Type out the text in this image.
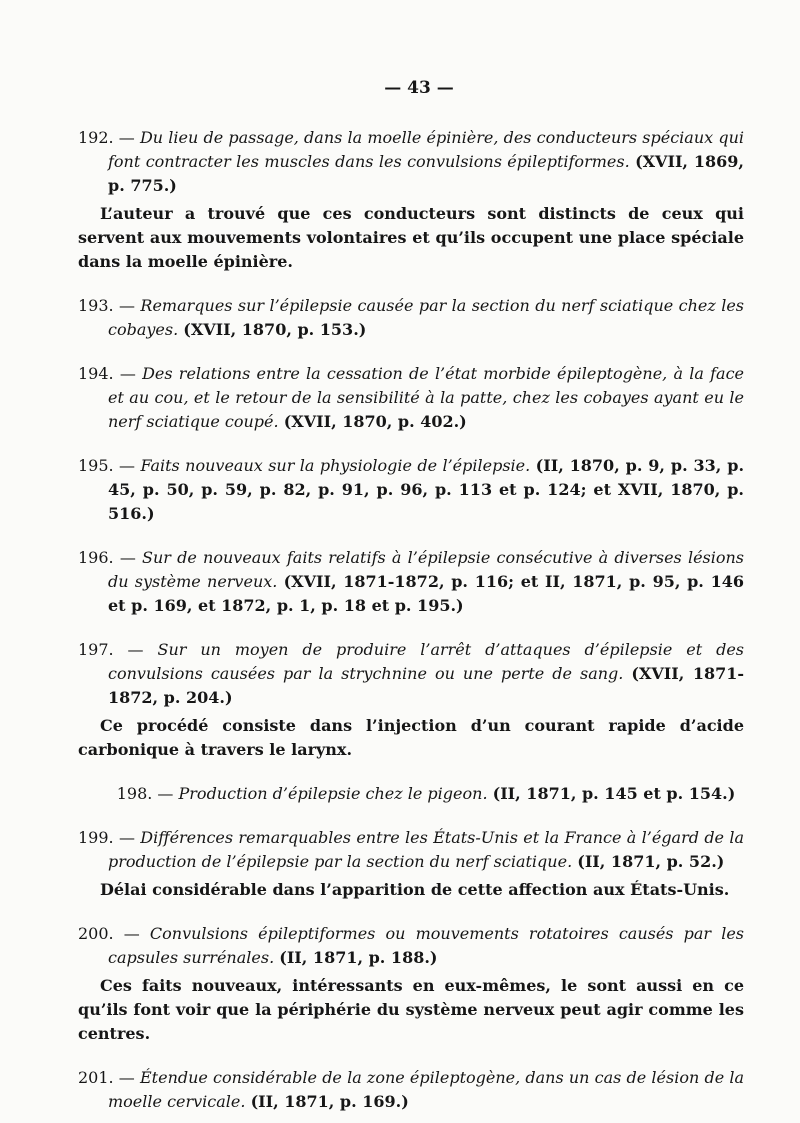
— 43 —

192. — Du lieu de passage, dans la moelle épinière, des conducteurs spéciaux qui font contracter les muscles dans les convulsions épileptiformes. (XVII, 1869, p. 775.)

L’auteur a trouvé que ces conducteurs sont distincts de ceux qui servent aux mouvements volontaires et qu’ils occupent une place spéciale dans la moelle épinière.

193. — Remarques sur l’épilepsie causée par la section du nerf sciatique chez les cobayes. (XVII, 1870, p. 153.)

194. — Des relations entre la cessation de l’état morbide épileptogène, à la face et au cou, et le retour de la sensibilité à la patte, chez les cobayes ayant eu le nerf sciatique coupé. (XVII, 1870, p. 402.)

195. — Faits nouveaux sur la physiologie de l’épilepsie. (II, 1870, p. 9, p. 33, p. 45, p. 50, p. 59, p. 82, p. 91, p. 96, p. 113 et p. 124; et XVII, 1870, p. 516.)

196. — Sur de nouveaux faits relatifs à l’épilepsie consécutive à diverses lésions du système nerveux. (XVII, 1871-1872, p. 116; et II, 1871, p. 95, p. 146 et p. 169, et 1872, p. 1, p. 18 et p. 195.)

197. — Sur un moyen de produire l’arrêt d’attaques d’épilepsie et des convulsions causées par la strychnine ou une perte de sang. (XVII, 1871-1872, p. 204.)

Ce procédé consiste dans l’injection d’un courant rapide d’acide carbonique à travers le larynx.

198. — Production d’épilepsie chez le pigeon. (II, 1871, p. 145 et p. 154.)

199. — Différences remarquables entre les États-Unis et la France à l’égard de la production de l’épilepsie par la section du nerf sciatique. (II, 1871, p. 52.)

Délai considérable dans l’apparition de cette affection aux États-Unis.

200. — Convulsions épileptiformes ou mouvements rotatoires causés par les capsules surrénales. (II, 1871, p. 188.)

Ces faits nouveaux, intéressants en eux-mêmes, le sont aussi en ce qu’ils font voir que la périphérie du système nerveux peut agir comme les centres.

201. — Étendue considérable de la zone épileptogène, dans un cas de lésion de la moelle cervicale. (II, 1871, p. 169.)
